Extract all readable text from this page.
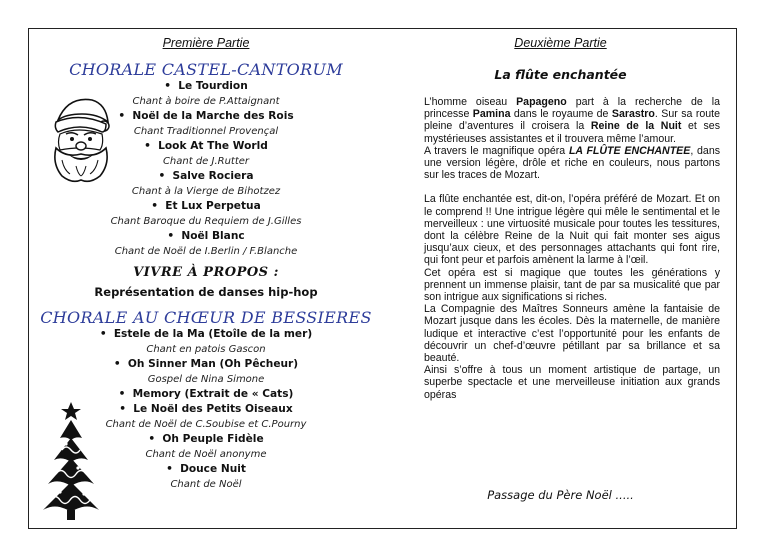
Première Partie
CHORALE CASTEL-CANTORUM
• Le Tourdion
Chant à boire de P.Attaignant
• Noël de la Marche des Rois
Chant Traditionnel Provençal
• Look At The World
Chant de J.Rutter
• Salve Rociera
Chant à la Vierge de Bihotzez
• Et Lux Perpetua
Chant Baroque du Requiem de J.Gilles
• Noël Blanc
Chant de Noël de I.Berlin / F.Blanche
VIVRE À PROPOS :
Représentation de danses hip-hop
CHORALE AU CHŒUR DE BESSIERES
• Estele de la Ma (Etoîle de la mer)
Chant en patois Gascon
• Oh Sinner Man (Oh Pêcheur)
Gospel de Nina Simone
• Memory (Extrait de « Cats)
• Le Noël des Petits Oiseaux
Chant de Noël de C.Soubise et C.Pourny
• Oh Peuple Fidèle
Chant de Noël anonyme
• Douce Nuit
Chant de Noël
Deuxième Partie
La flûte enchantée

L’homme oiseau Papageno part à la recherche de la princesse Pamina dans le royaume de Sarastro. Sur sa route pleine d’aventures il croisera la Reine de la Nuit et ses mystérieuses assistantes et il trouvera même l’amour.

A travers le magnifique opéra LA FLÛTE ENCHANTEE, dans une version légère, drôle et riche en couleurs, nous partons sur les traces de Mozart.

La flûte enchantée est, dit-on, l’opéra préféré de Mozart. Et on le comprend !! Une intrigue légère qui mêle le sentimental et le merveilleux : une virtuosité musicale pour toutes les tessitures, dont la célèbre Reine de la Nuit qui fait monter ses aigus jusqu’aux cieux, et des personnages attachants qui font rire, qui font peur et parfois amènent la larme à l’œil.

Cet opéra est si magique que toutes les générations y prennent un immense plaisir, tant de par sa musicalité que par son intrigue aux significations si riches.

La Compagnie des Maîtres Sonneurs amène la fantaisie de Mozart jusque dans les écoles. Dès la maternelle, de manière ludique et interactive c’est l’opportunité pour les enfants de découvrir un chef-d’œuvre pétillant par sa brillance et sa beauté.

Ainsi s’offre à tous un moment artistique de partage, un superbe spectacle et une merveilleuse initiation aux grands opéras

Passage du Père Noël .....
